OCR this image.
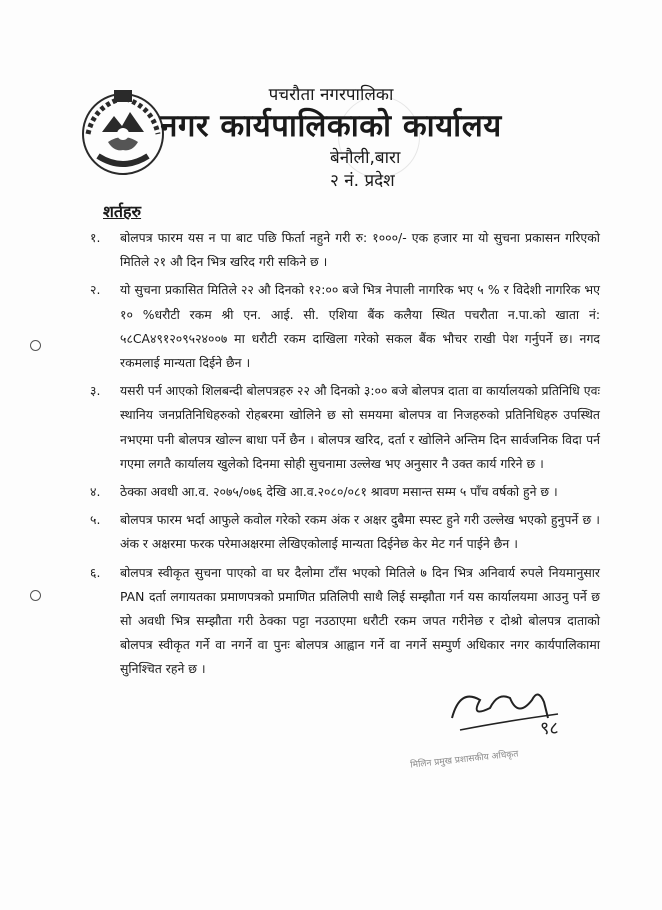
पचरौता नगरपालिका
नगर कार्यपालिकाको कार्यालय
बेनौली,बारा
२ नं. प्रदेश
शर्तहरु
१. बोलपत्र फारम यस न पा बाट पछि फिर्ता नहुने गरी रु: १०००/- एक हजार मा यो सुचना प्रकासन गरिएको मितिले २१ औ दिन भित्र खरिद गरी सकिने छ ।
२. यो सुचना प्रकासित मितिले २२ औ दिनको १२:०० बजे भित्र नेपाली नागरिक भए ५ % र विदेशी नागरिक भए १० %धरौटी रकम श्री एन. आई. सी. एशिया बैंक कलैया स्थित पचरौता न.पा.को खाता नं: ५८CA४९१२०९५२४००७ मा धरौटी रकम दाखिला गरेको सकल बैंक भौचर राखी पेश गर्नुपर्ने छ। नगद रकमलाई मान्यता दिईने छैन ।
३. यसरी पर्न आएको शिलबन्दी बोलपत्रहरु २२ औ दिनको ३:०० बजे बोलपत्र दाता वा कार्यालयको प्रतिनिधि एवः स्थानिय जनप्रतिनिधिहरुको रोहबरमा खोलिने छ सो समयमा बोलपत्र वा निजहरुको प्रतिनिधिहरु उपस्थित नभएमा पनी बोलपत्र खोल्न बाधा पर्ने छैन । बोलपत्र खरिद, दर्ता र खोलिने अन्तिम दिन सार्वजनिक विदा पर्न गएमा लगतै कार्यालय खुलेको दिनमा सोही सुचनामा उल्लेख भए अनुसार नै उक्त कार्य गरिने छ ।
४. ठेक्का अवधी आ.व. २०७५/०७६ देखि आ.व.२०८०/०८१ श्रावण मसान्त सम्म ५ पाँच वर्षको हुने छ ।
५. बोलपत्र फारम भर्दा आफुले कवोल गरेको रकम अंक र अक्षर दुबैमा स्पस्ट हुने गरी उल्लेख भएको हुनुपर्ने छ । अंक र अक्षरमा फरक परेमाअक्षरमा लेखिएकोलाई मान्यता दिईनेछ केर मेट गर्न पाईने छैन ।
६. बोलपत्र स्वीकृत सुचना पाएको वा घर दैलोमा टाँस भएको मितिले ७ दिन भित्र अनिवार्य रुपले नियमानुसार PAN दर्ता लगायतका प्रमाणपत्रको प्रमाणित प्रतिलिपी साथै लिई सम्झौता गर्न यस कार्यालयमा आउनु पर्ने छ सो अवधी भित्र सम्झौता गरी ठेक्का पट्टा नउठाएमा धरौटी रकम जपत गरीनेछ र दोश्रो बोलपत्र दाताको बोलपत्र स्वीकृत गर्ने वा नगर्ने वा पुनः बोलपत्र आह्वान गर्ने वा नगर्ने सम्पुर्ण अधिकार नगर कार्यपालिकामा सुनिश्चित रहने छ ।
९८
मिलिन प्रमुख प्रशासकीय अधिकृत
